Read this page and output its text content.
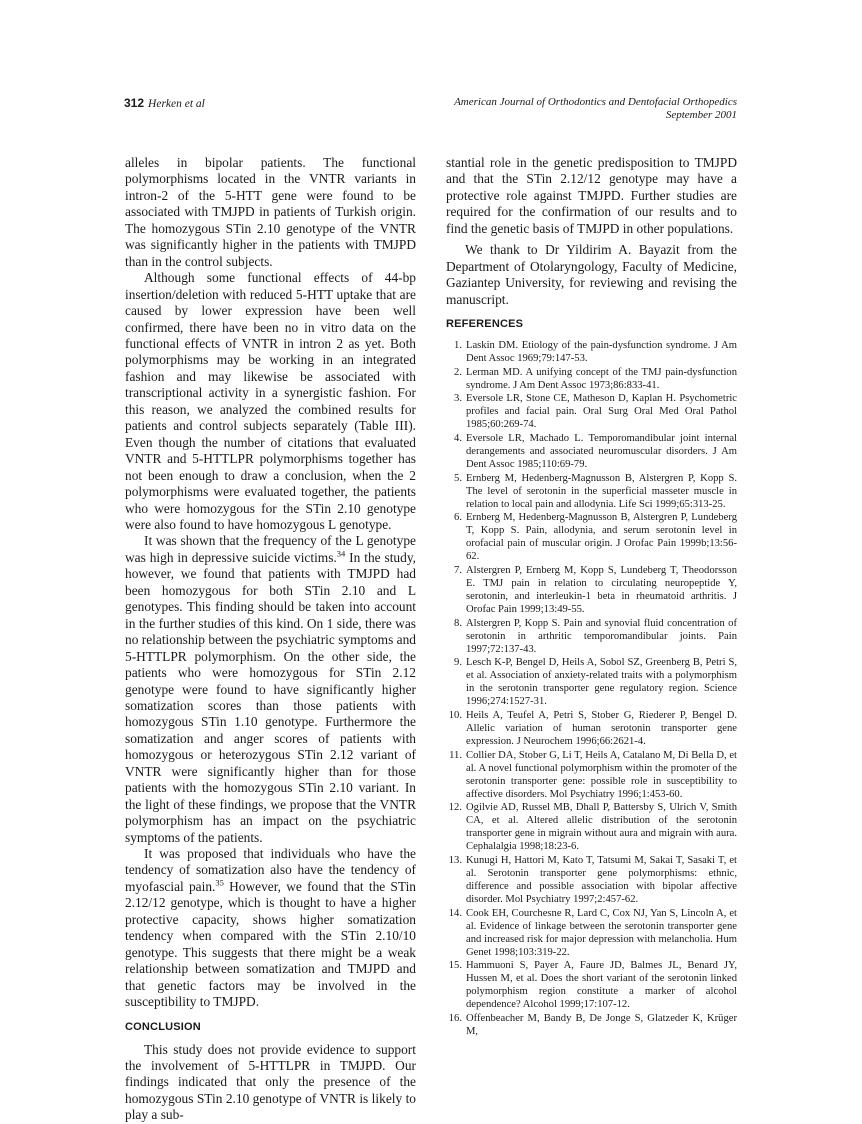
312 Herken et al	American Journal of Orthodontics and Dentofacial Orthopedics
September 2001

alleles in bipolar patients. The functional polymorphisms located in the VNTR variants in intron-2 of the 5-HTT gene were found to be associated with TMJPD in patients of Turkish origin. The homozygous STin 2.10 genotype of the VNTR was significantly higher in the patients with TMJPD than in the control subjects.

Although some functional effects of 44-bp insertion/deletion with reduced 5-HTT uptake that are caused by lower expression have been well confirmed, there have been no in vitro data on the functional effects of VNTR in intron 2 as yet. Both polymorphisms may be working in an integrated fashion and may likewise be associated with transcriptional activity in a synergistic fashion. For this reason, we analyzed the combined results for patients and control subjects separately (Table III). Even though the number of citations that evaluated VNTR and 5-HTTLPR polymorphisms together has not been enough to draw a conclusion, when the 2 polymorphisms were evaluated together, the patients who were homozygous for the STin 2.10 genotype were also found to have homozygous L genotype.

It was shown that the frequency of the L genotype was high in depressive suicide victims.$^{34}$ In the study, however, we found that patients with TMJPD had been homozygous for both STin 2.10 and L genotypes. This finding should be taken into account in the further studies of this kind. On 1 side, there was no relationship between the psychiatric symptoms and 5-HTTLPR polymorphism. On the other side, the patients who were homozygous for STin 2.12 genotype were found to have significantly higher somatization scores than those patients with homozygous STin 1.10 genotype. Furthermore the somatization and anger scores of patients with homozygous or heterozygous STin 2.12 variant of VNTR were significantly higher than for those patients with the homozygous STin 2.10 variant. In the light of these findings, we propose that the VNTR polymorphism has an impact on the psychiatric symptoms of the patients.

It was proposed that individuals who have the tendency of somatization also have the tendency of myofascial pain.$^{35}$ However, we found that the STin 2.12/12 genotype, which is thought to have a higher protective capacity, shows higher somatization tendency when compared with the STin 2.10/10 genotype. This suggests that there might be a weak relationship between somatization and TMJPD and that genetic factors may be involved in the susceptibility to TMJPD.

CONCLUSION

This study does not provide evidence to support the involvement of 5-HTTLPR in TMJPD. Our findings indicated that only the presence of the homozygous STin 2.10 genotype of VNTR is likely to play a sub-

stantial role in the genetic predisposition to TMJPD and that the STin 2.12/12 genotype may have a protective role against TMJPD. Further studies are required for the confirmation of our results and to find the genetic basis of TMJPD in other populations.

We thank to Dr Yildirim A. Bayazit from the Department of Otolaryngology, Faculty of Medicine, Gaziantep University, for reviewing and revising the manuscript.

REFERENCES
1. Laskin DM. Etiology of the pain-dysfunction syndrome. J Am Dent Assoc 1969;79:147-53.
2. Lerman MD. A unifying concept of the TMJ pain-dysfunction syndrome. J Am Dent Assoc 1973;86:833-41.
3. Eversole LR, Stone CE, Matheson D, Kaplan H. Psychometric profiles and facial pain. Oral Surg Oral Med Oral Pathol 1985;60:269-74.
4. Eversole LR, Machado L. Temporomandibular joint internal derangements and associated neuromuscular disorders. J Am Dent Assoc 1985;110:69-79.
5. Ernberg M, Hedenberg-Magnusson B, Alstergren P, Kopp S. The level of serotonin in the superficial masseter muscle in relation to local pain and allodynia. Life Sci 1999;65:313-25.
6. Ernberg M, Hedenberg-Magnusson B, Alstergren P, Lundeberg T, Kopp S. Pain, allodynia, and serum serotonin level in orofacial pain of muscular origin. J Orofac Pain 1999b;13:56-62.
7. Alstergren P, Ernberg M, Kopp S, Lundeberg T, Theodorsson E. TMJ pain in relation to circulating neuropeptide Y, serotonin, and interleukin-1 beta in rheumatoid arthritis. J Orofac Pain 1999;13:49-55.
8. Alstergren P, Kopp S. Pain and synovial fluid concentration of serotonin in arthritic temporomandibular joints. Pain 1997;72:137-43.
9. Lesch K-P, Bengel D, Heils A, Sobol SZ, Greenberg B, Petri S, et al. Association of anxiety-related traits with a polymorphism in the serotonin transporter gene regulatory region. Science 1996;274:1527-31.
10. Heils A, Teufel A, Petri S, Stober G, Riederer P, Bengel D. Allelic variation of human serotonin transporter gene expression. J Neurochem 1996;66:2621-4.
11. Collier DA, Stober G, Li T, Heils A, Catalano M, Di Bella D, et al. A novel functional polymorphism within the promoter of the serotonin transporter gene: possible role in susceptibility to affective disorders. Mol Psychiatry 1996;1:453-60.
12. Ogilvie AD, Russel MB, Dhall P, Battersby S, Ulrich V, Smith CA, et al. Altered allelic distribution of the serotonin transporter gene in migrain without aura and migrain with aura. Cephalalgia 1998;18:23-6.
13. Kunugi H, Hattori M, Kato T, Tatsumi M, Sakai T, Sasaki T, et al. Serotonin transporter gene polymorphisms: ethnic, difference and possible association with bipolar affective disorder. Mol Psychiatry 1997;2:457-62.
14. Cook EH, Courchesne R, Lard C, Cox NJ, Yan S, Lincoln A, et al. Evidence of linkage between the serotonin transporter gene and increased risk for major depression with melancholia. Hum Genet 1998;103:319-22.
15. Hammuoni S, Payer A, Faure JD, Balmes JL, Benard JY, Hussen M, et al. Does the short variant of the serotonin linked polymorphism region constitute a marker of alcohol dependence? Alcohol 1999;17:107-12.
16. Offenbeacher M, Bandy B, De Jonge S, Glatzeder K, Krüger M,
